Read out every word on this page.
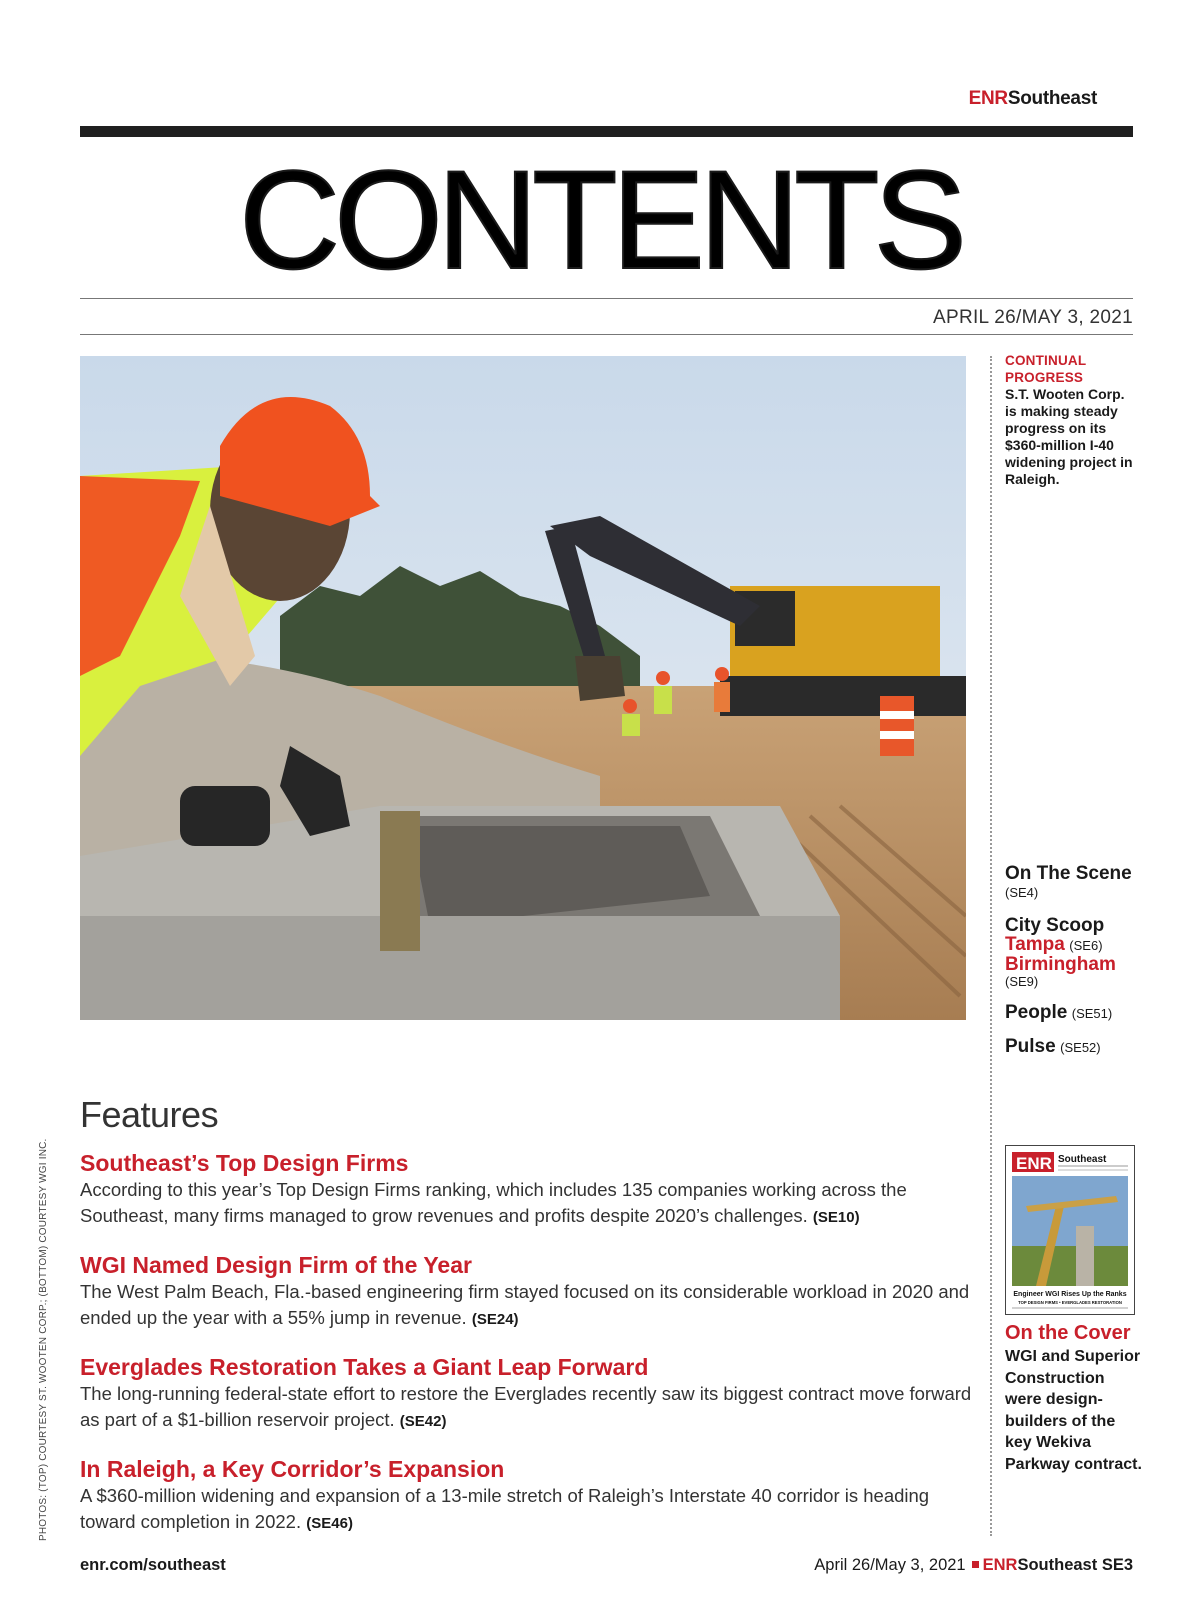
ENRSoutheast
CONTENTS
APRIL 26/MAY 3, 2021
CONTINUAL PROGRESS
S.T. Wooten Corp. is making steady progress on its $360-million I-40 widening project in Raleigh.
On The Scene (SE4)
City Scoop
Tampa (SE6)
Birmingham
(SE9)
People (SE51)
Pulse (SE52)
ENR Southeast
Engineer WGI Rises Up the Ranks
TOP DESIGN FIRMS • EVERGLADES RESTORATION
On the Cover
WGI and Superior Construction were design-builders of the key Wekiva Parkway contract.
Features
Southeast’s Top Design Firms
According to this year’s Top Design Firms ranking, which includes 135 companies working across the Southeast, many firms managed to grow revenues and profits despite 2020’s challenges. (SE10)
WGI Named Design Firm of the Year
The West Palm Beach, Fla.-based engineering firm stayed focused on its considerable workload in 2020 and ended up the year with a 55% jump in revenue. (SE24)
Everglades Restoration Takes a Giant Leap Forward
The long-running federal-state effort to restore the Everglades recently saw its biggest contract move forward as part of a $1-billion reservoir project. (SE42)
In Raleigh, a Key Corridor’s Expansion
A $360-million widening and expansion of a 13-mile stretch of Raleigh’s Interstate 40 corridor is heading toward completion in 2022. (SE46)
PHOTOS: (TOP) COURTESY ST. WOOTEN CORP.; (BOTTOM) COURTESY WGI INC.
enr.com/southeast	April 26/May 3, 2021 ENRSoutheast SE3
